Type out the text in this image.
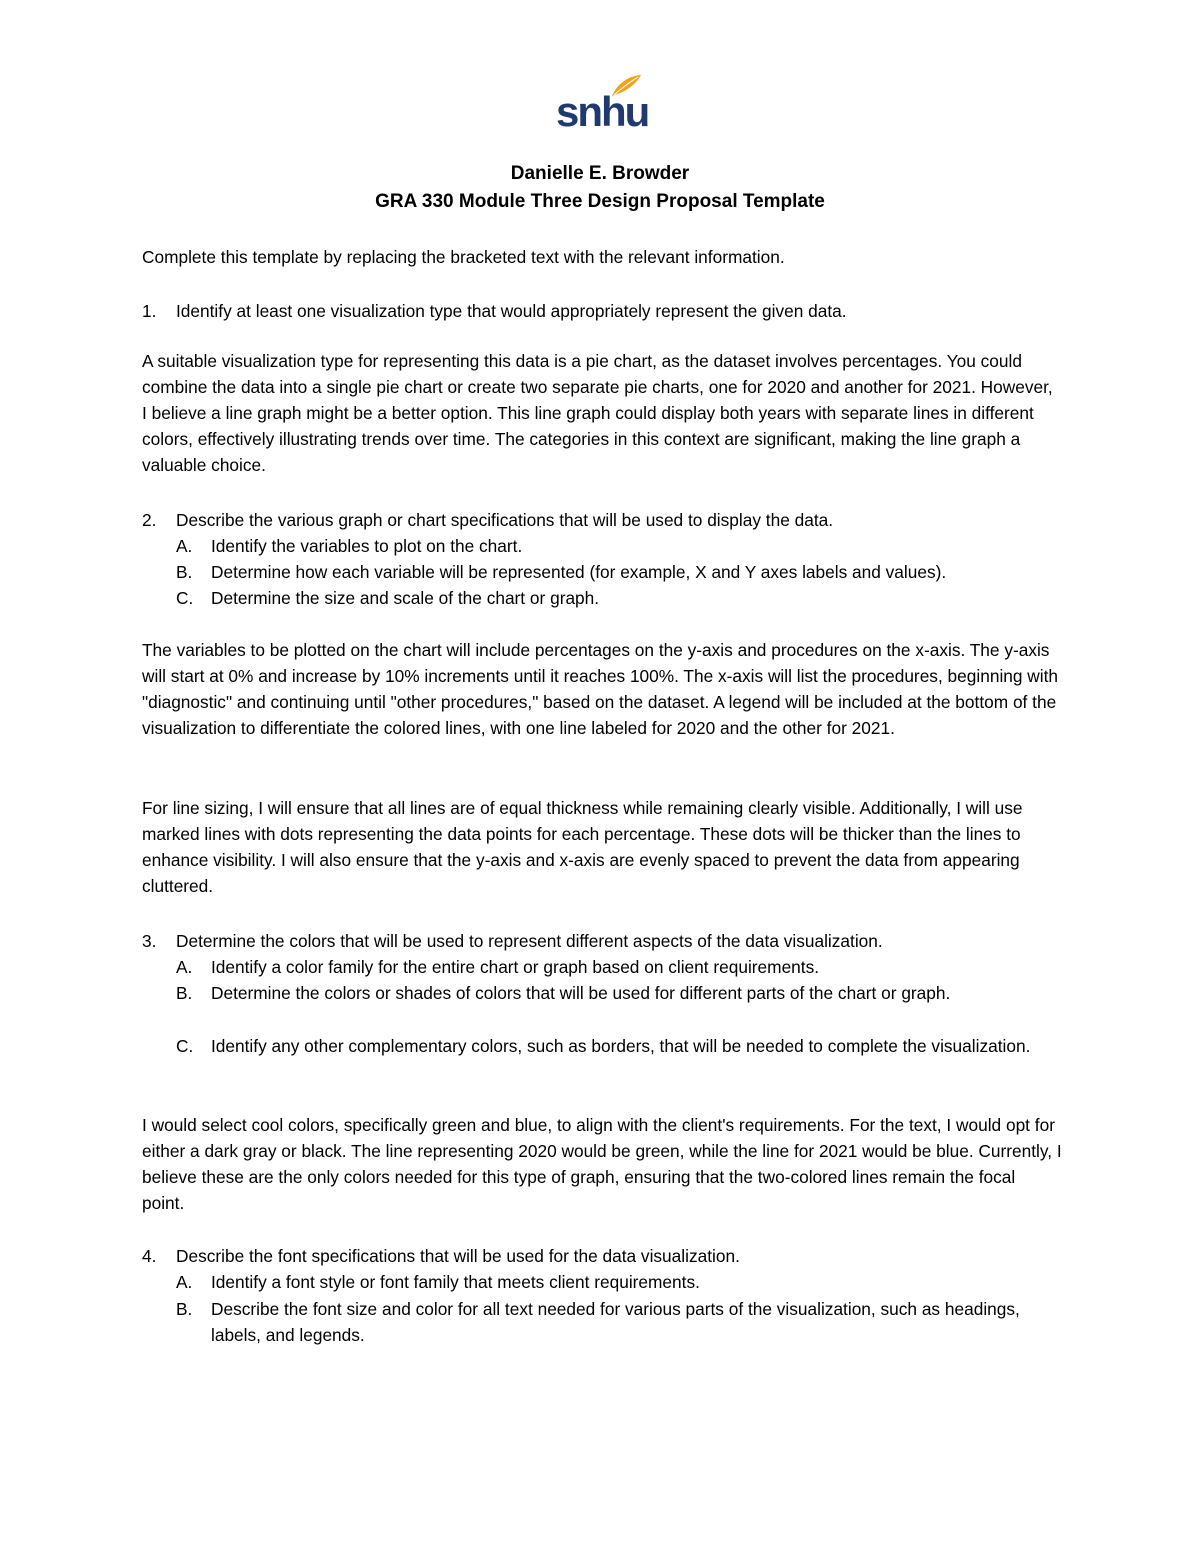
snhu
Danielle E. Browder
GRA 330 Module Three Design Proposal Template

Complete this template by replacing the bracketed text with the relevant information.

1. Identify at least one visualization type that would appropriately represent the given data.

A suitable visualization type for representing this data is a pie chart, as the dataset involves percentages. You could combine the data into a single pie chart or create two separate pie charts, one for 2020 and another for 2021. However, I believe a line graph might be a better option. This line graph could display both years with separate lines in different colors, effectively illustrating trends over time. The categories in this context are significant, making the line graph a valuable choice.

2. Describe the various graph or chart specifications that will be used to display the data.

A. Identify the variables to plot on the chart.

B. Determine how each variable will be represented (for example, X and Y axes labels and values).

C. Determine the size and scale of the chart or graph.

The variables to be plotted on the chart will include percentages on the y-axis and procedures on the x-axis. The y-axis will start at 0% and increase by 10% increments until it reaches 100%. The x-axis will list the procedures, beginning with "diagnostic" and continuing until "other procedures," based on the dataset. A legend will be included at the bottom of the visualization to differentiate the colored lines, with one line labeled for 2020 and the other for 2021.

For line sizing, I will ensure that all lines are of equal thickness while remaining clearly visible. Additionally, I will use marked lines with dots representing the data points for each percentage. These dots will be thicker than the lines to enhance visibility. I will also ensure that the y-axis and x-axis are evenly spaced to prevent the data from appearing cluttered.

3. Determine the colors that will be used to represent different aspects of the data visualization.

A. Identify a color family for the entire chart or graph based on client requirements.

B. Determine the colors or shades of colors that will be used for different parts of the chart or graph.

C. Identify any other complementary colors, such as borders, that will be needed to complete the visualization.

I would select cool colors, specifically green and blue, to align with the client's requirements. For the text, I would opt for either a dark gray or black. The line representing 2020 would be green, while the line for 2021 would be blue. Currently, I believe these are the only colors needed for this type of graph, ensuring that the two-colored lines remain the focal point.

4. Describe the font specifications that will be used for the data visualization.

A. Identify a font style or font family that meets client requirements.

B. Describe the font size and color for all text needed for various parts of the visualization, such as headings, labels, and legends.
